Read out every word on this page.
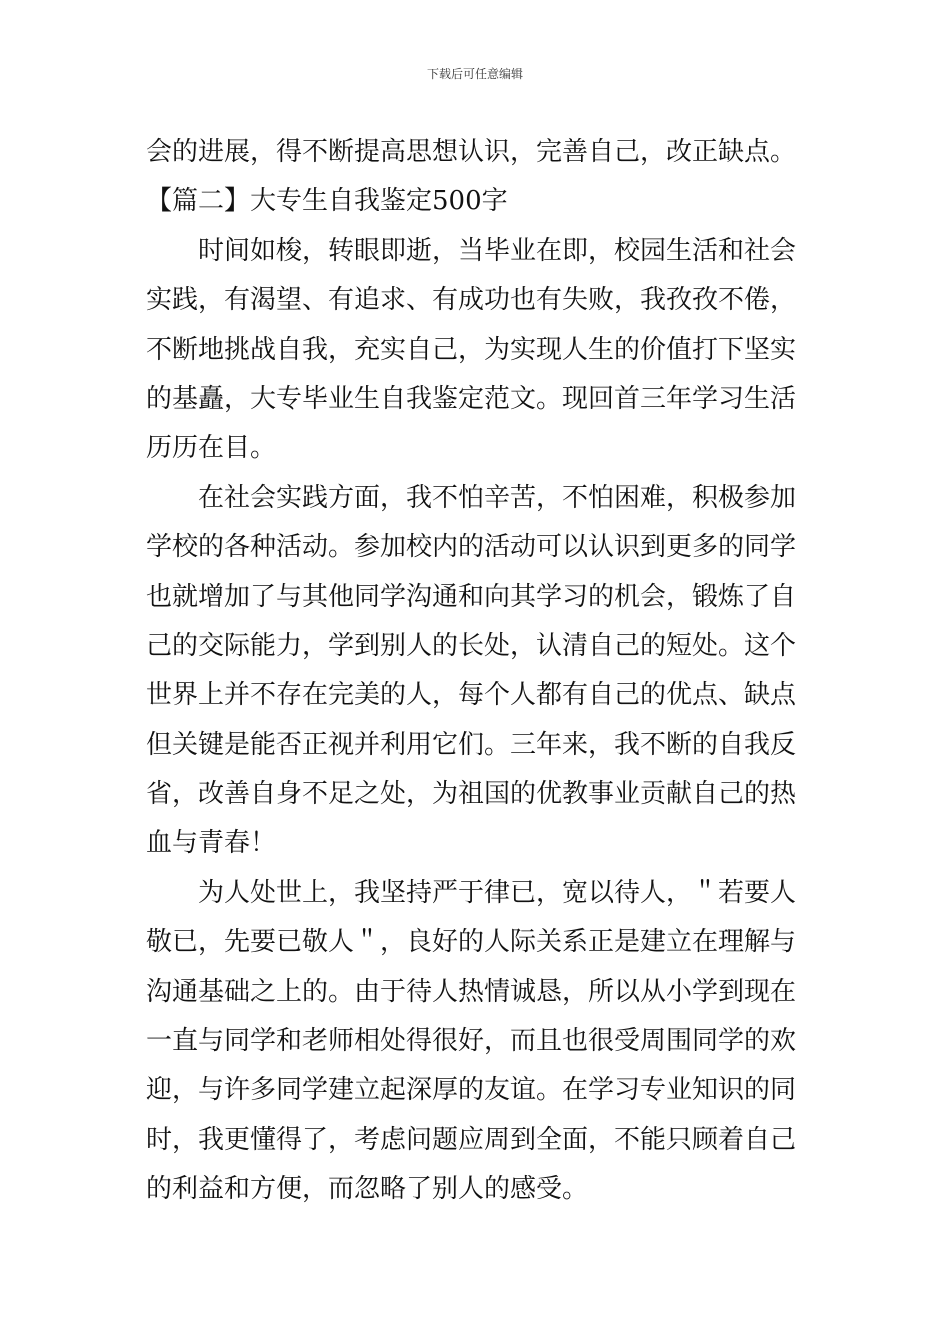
下载后可任意编辑
会的进展，得不断提高思想认识，完善自己，改正缺点。
【篇二】大专生自我鉴定500字
时间如梭，转眼即逝，当毕业在即，校园生活和社会
实践，有渴望、有追求、有成功也有失败，我孜孜不倦，
不断地挑战自我，充实自己，为实现人生的价值打下坚实
的基矗，大专毕业生自我鉴定范文。现回首三年学习生活
历历在目。
在社会实践方面，我不怕辛苦，不怕困难，积极参加
学校的各种活动。参加校内的活动可以认识到更多的同学
也就增加了与其他同学沟通和向其学习的机会，锻炼了自
己的交际能力，学到别人的长处，认清自己的短处。这个
世界上并不存在完美的人，每个人都有自己的优点、缺点
但关键是能否正视并利用它们。三年来，我不断的自我反
省，改善自身不足之处，为祖国的优教事业贡献自己的热
血与青春！
为人处世上，我坚持严于律已，宽以待人，＂若要人
敬已，先要已敬人＂，良好的人际关系正是建立在理解与
沟通基础之上的。由于待人热情诚恳，所以从小学到现在
一直与同学和老师相处得很好，而且也很受周围同学的欢
迎，与许多同学建立起深厚的友谊。在学习专业知识的同
时，我更懂得了，考虑问题应周到全面，不能只顾着自己
的利益和方便，而忽略了别人的感受。
